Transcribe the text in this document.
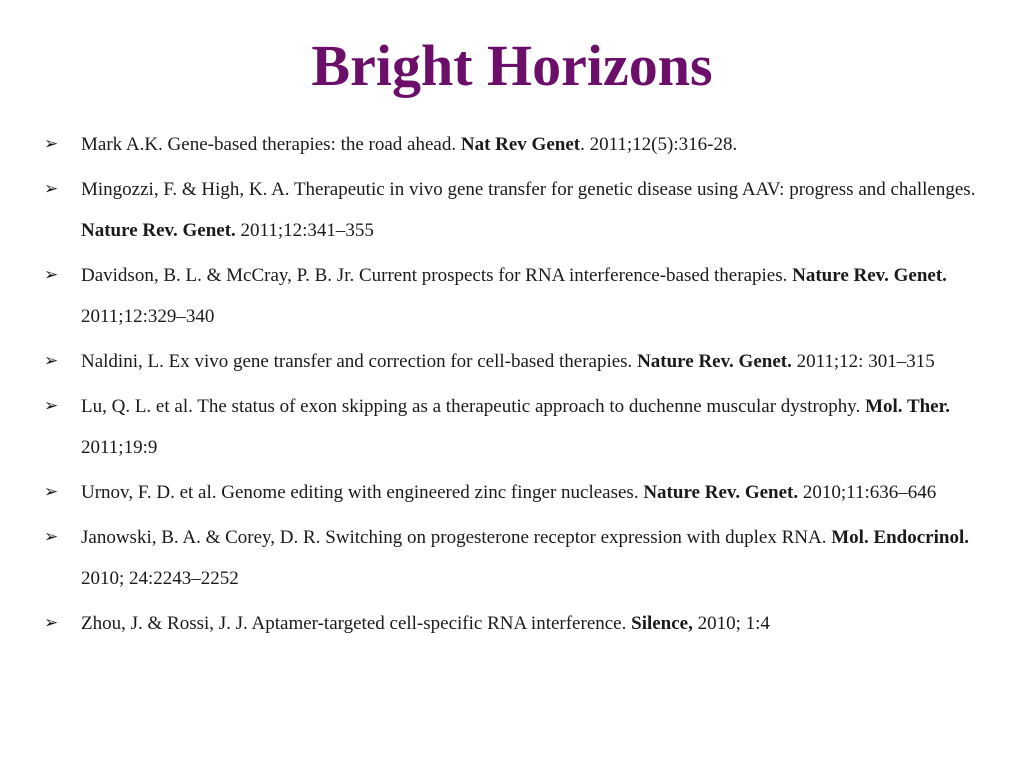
Bright Horizons
➢ Mark A.K. Gene-based therapies: the road ahead. Nat Rev Genet. 2011;12(5):316-28.
➢ Mingozzi, F. & High, K. A. Therapeutic in vivo gene transfer for genetic disease using AAV: progress and challenges. Nature Rev. Genet. 2011;12:341–355
➢ Davidson, B. L. & McCray, P. B. Jr. Current prospects for RNA interference-based therapies. Nature Rev. Genet. 2011;12:329–340
➢ Naldini, L. Ex vivo gene transfer and correction for cell-based therapies. Nature Rev. Genet. 2011;12: 301–315
➢ Lu, Q. L. et al. The status of exon skipping as a therapeutic approach to duchenne muscular dystrophy. Mol. Ther. 2011;19:9
➢ Urnov, F. D. et al. Genome editing with engineered zinc finger nucleases. Nature Rev. Genet. 2010;11:636–646
➢ Janowski, B. A. & Corey, D. R. Switching on progesterone receptor expression with duplex RNA. Mol. Endocrinol. 2010; 24:2243–2252
➢ Zhou, J. & Rossi, J. J. Aptamer-targeted cell-specific RNA interference. Silence, 2010; 1:4
